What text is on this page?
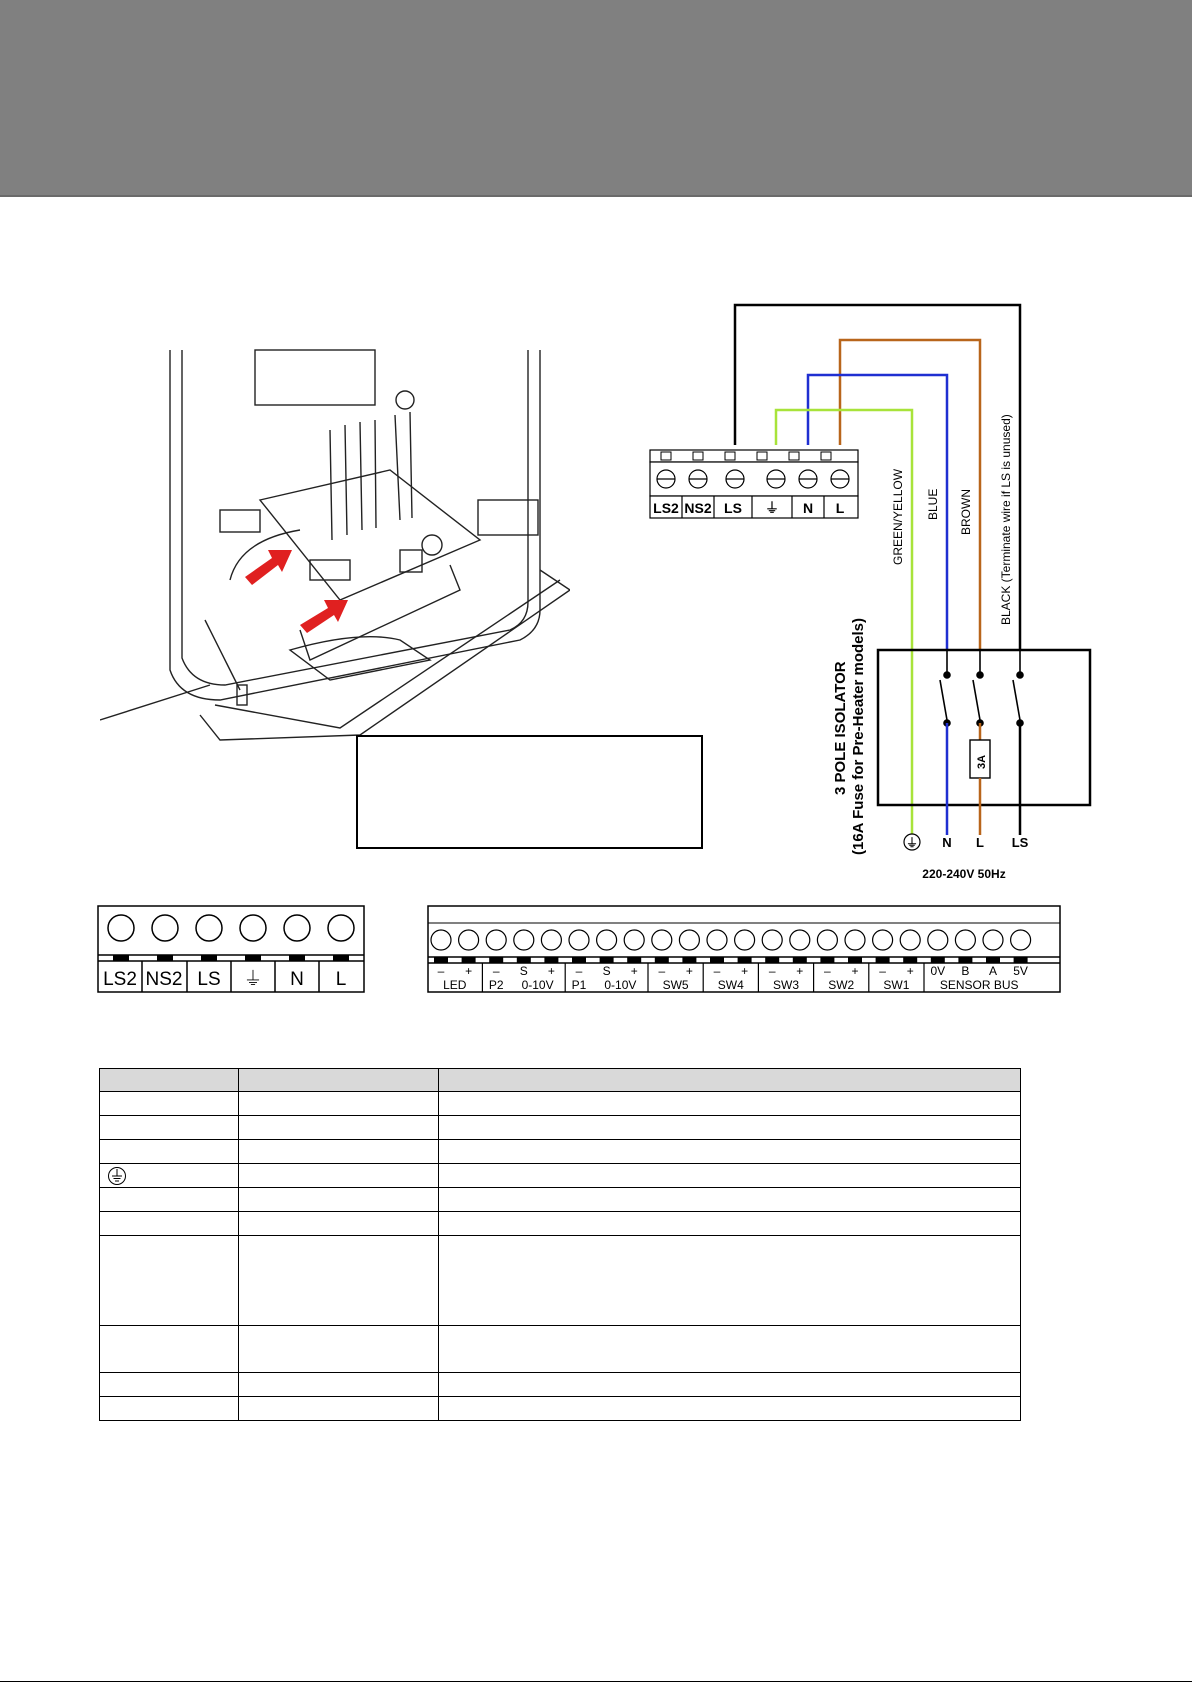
LS2 NS2 LS ⏚ N L	GREEN/YELLOW BLUE BROWN BLACK (Terminate wire if LS is unused)
3 POLE ISOLATOR (16A Fuse for Pre-Heater models)	3A
⏚ N L LS
220-240V 50Hz
LS2 NS2 LS ⏚ N L	– + – S + – S + – + – + – + – + – + 0V B A 5V
LED P2 0-10V P1 0-10V SW5 SW4 SW3 SW2 SW1	SENSOR BUS
